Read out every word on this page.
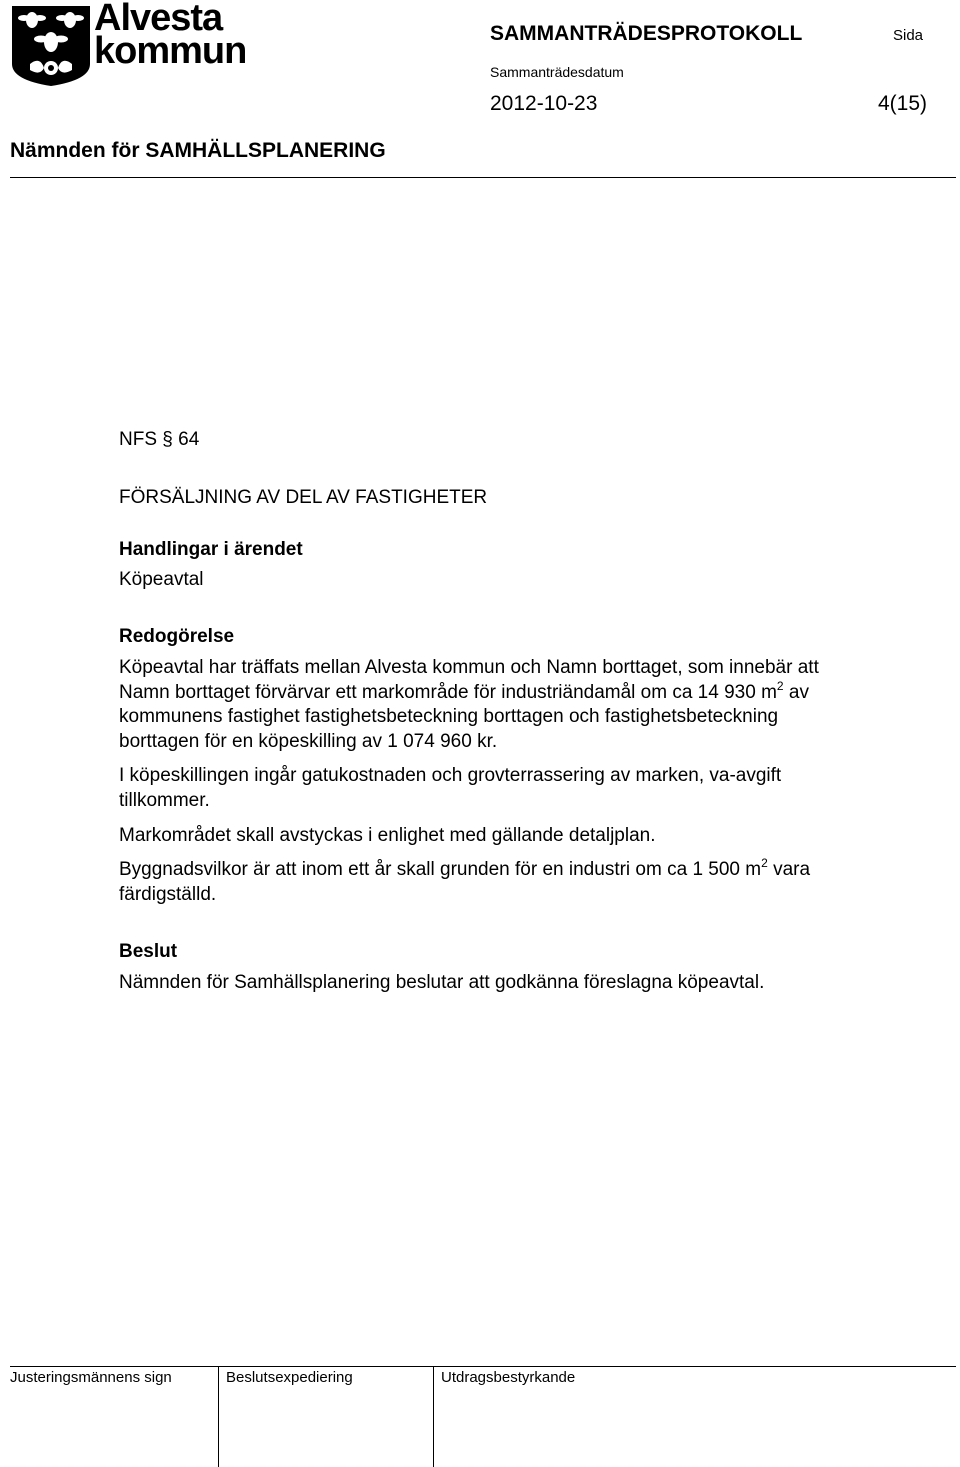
Alvesta
kommun	SAMMANTRÄDESPROTOKOLL	Sida
Sammanträdesdatum
2012-10-23	4(15)
Nämnden för SAMHÄLLSPLANERING

NFS § 64

FÖRSÄLJNING AV DEL AV FASTIGHETER

Handlingar i ärendet

Köpeavtal

Redogörelse

Köpeavtal har träffats mellan Alvesta kommun och Namn borttaget, som innebär att Namn borttaget förvärvar ett markområde för industriändamål om ca 14 930 $m^2$ av kommunens fastighet fastighetsbeteckning borttagen och fastighetsbeteckning borttagen för en köpeskilling av 1 074 960 kr.

I köpeskillingen ingår gatukostnaden och grovterrassering av marken, va-avgift tillkommer.

Markområdet skall avstyckas i enlighet med gällande detaljplan.

Byggnadsvilkor är att inom ett år skall grunden för en industri om ca 1 500 $m^2$ vara färdigställd.

Beslut

Nämnden för Samhällsplanering beslutar att godkänna föreslagna köpeavtal.

Justeringsmännens sign	Beslutsexpediering	Utdragsbestyrkande
